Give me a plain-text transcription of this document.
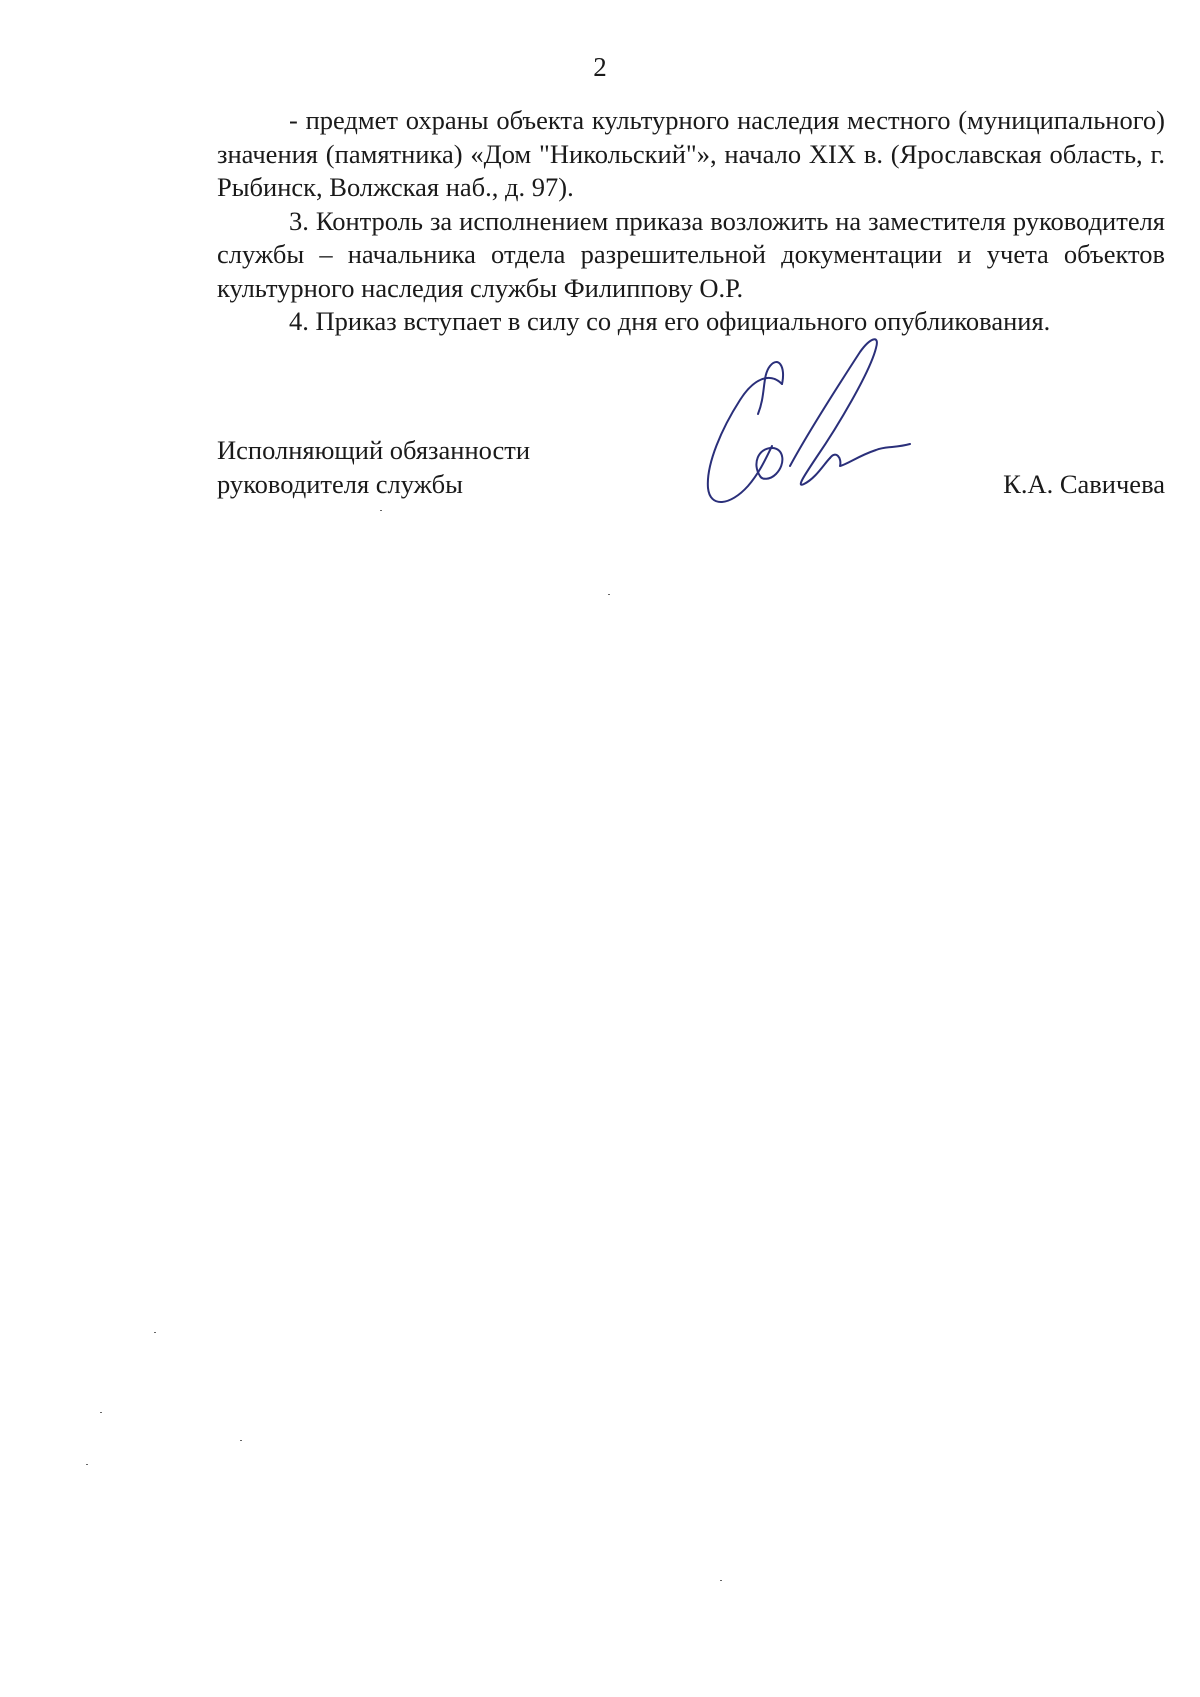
2

- предмет охраны объекта культурного наследия местного (муниципального) значения (памятника) «Дом "Никольский"», начало XIX в. (Ярославская область, г. Рыбинск, Волжская наб., д. 97).

3. Контроль за исполнением приказа возложить на заместителя руководителя службы – начальника отдела разрешительной документации и учета объектов культурного наследия службы Филиппову О.Р.

4. Приказ вступает в силу со дня его официального опубликования.

Исполняющий обязанности
руководителя службы	К.А. Савичева
